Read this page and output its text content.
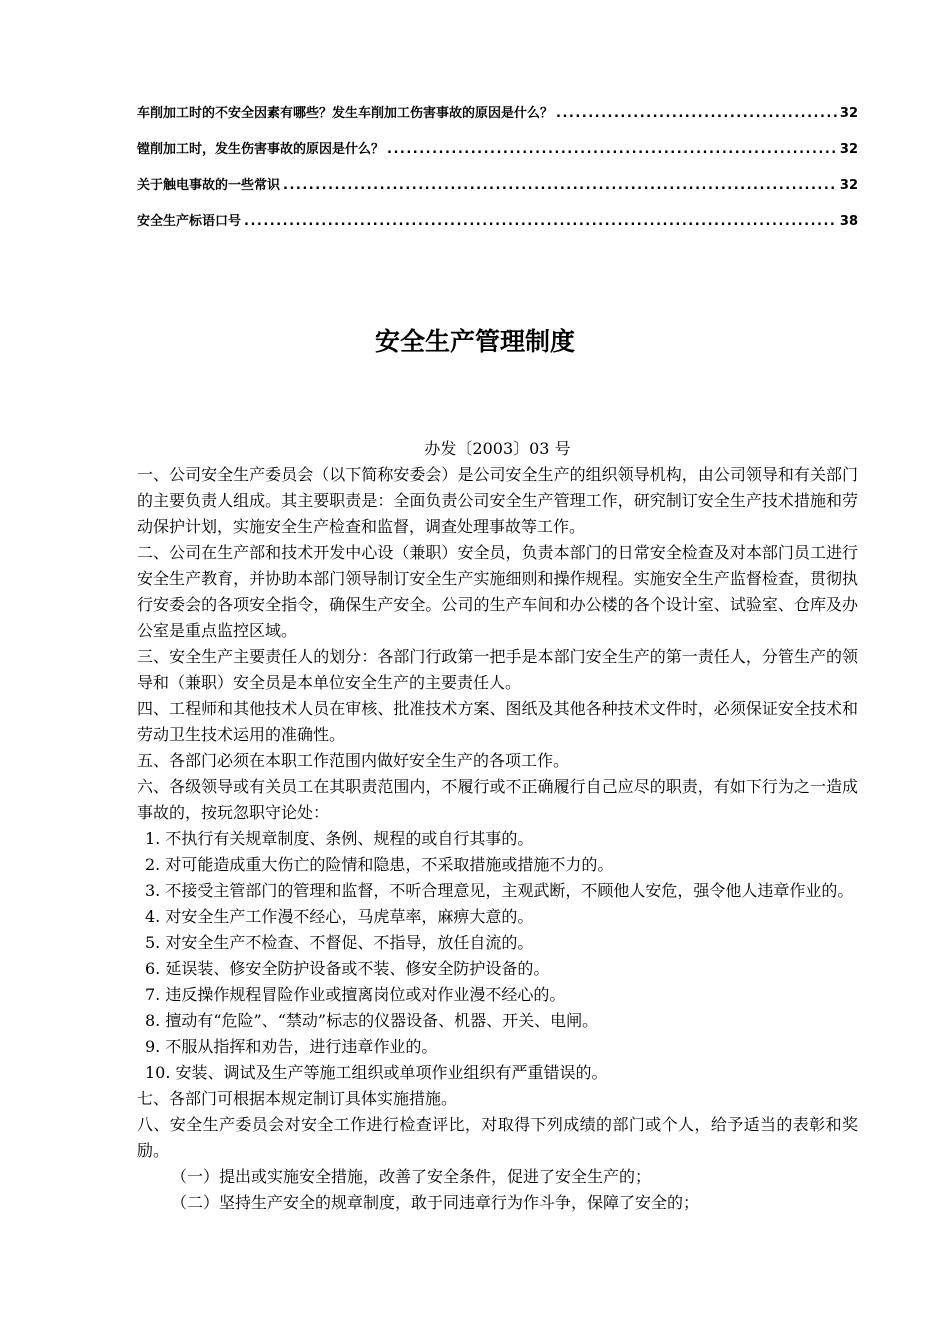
车削加工时的不安全因素有哪些？发生车削加工伤害事故的原因是什么？ .....	32
镗削加工时，发生伤害事故的原因是什么？ .....	32
关于触电事故的一些常识 .....	32
安全生产标语口号 .....	38
安全生产管理制度
办发〔2003〕03 号
一、公司安全生产委员会（以下简称安委会）是公司安全生产的组织领导机构，由公司领导和有关部门的主要负责人组成。其主要职责是：全面负责公司安全生产管理工作，研究制订安全生产技术措施和劳动保护计划，实施安全生产检查和监督，调查处理事故等工作。
二、公司在生产部和技术开发中心设（兼职）安全员，负责本部门的日常安全检查及对本部门员工进行安全生产教育，并协助本部门领导制订安全生产实施细则和操作规程。实施安全生产监督检查，贯彻执行安委会的各项安全指令，确保生产安全。公司的生产车间和办公楼的各个设计室、试验室、仓库及办公室是重点监控区域。
三、安全生产主要责任人的划分：各部门行政第一把手是本部门安全生产的第一责任人，分管生产的领导和（兼职）安全员是本单位安全生产的主要责任人。
四、工程师和其他技术人员在审核、批准技术方案、图纸及其他各种技术文件时，必须保证安全技术和劳动卫生技术运用的准确性。
五、各部门必须在本职工作范围内做好安全生产的各项工作。
六、各级领导或有关员工在其职责范围内，不履行或不正确履行自己应尽的职责，有如下行为之一造成事故的，按玩忽职守论处：
1.
不执行有关规章制度、条例、规程的或自行其事的。
2.
对可能造成重大伤亡的险情和隐患，不采取措施或措施不力的。
3.
不接受主管部门的管理和监督，不听合理意见，主观武断，不顾他人安危，强令他人违章作业的。
4.
对安全生产工作漫不经心，马虎草率，麻痹大意的。
5.
对安全生产不检查、不督促、不指导，放任自流的。
6.
延误装、修安全防护设备或不装、修安全防护设备的。
7.
违反操作规程冒险作业或擅离岗位或对作业漫不经心的。
8.
擅动有“危险”、“禁动”标志的仪器设备、机器、开关、电闸。
9.
不服从指挥和劝告，进行违章作业的。
10.
安装、调试及生产等施工组织或单项作业组织有严重错误的。
七、各部门可根据本规定制订具体实施措施。
八、安全生产委员会对安全工作进行检查评比，对取得下列成绩的部门或个人，给予适当的表彰和奖励。
（一）提出或实施安全措施，改善了安全条件，促进了安全生产的；
（二）坚持生产安全的规章制度，敢于同违章行为作斗争，保障了安全的；
